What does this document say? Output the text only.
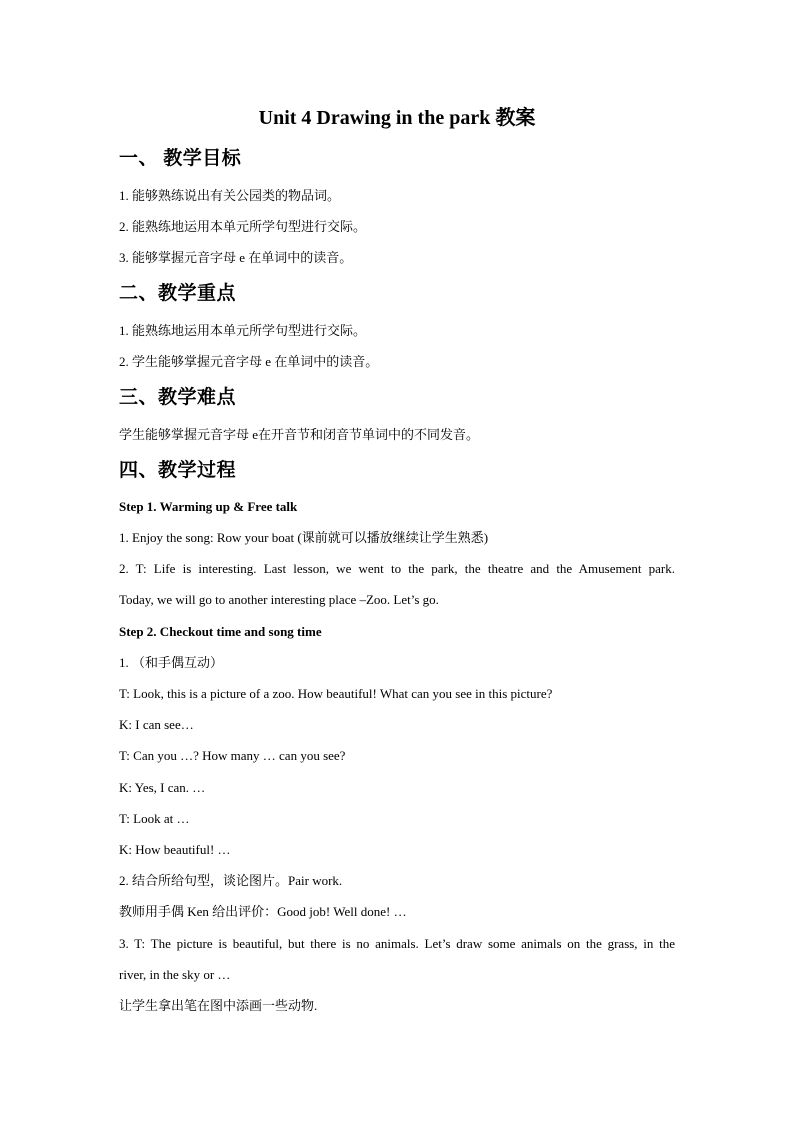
Unit 4 Drawing in the park 教案
一、 教学目标
1. 能够熟练说出有关公园类的物品词。
2. 能熟练地运用本单元所学句型进行交际。
3. 能够掌握元音字母 e 在单词中的读音。
二、教学重点
1. 能熟练地运用本单元所学句型进行交际。
2. 学生能够掌握元音字母 e 在单词中的读音。
三、教学难点
学生能够掌握元音字母 e在开音节和闭音节单词中的不同发音。
四、教学过程
Step 1. Warming up & Free talk
1. Enjoy the song: Row your boat (课前就可以播放继续让学生熟悉)
2. T: Life is interesting. Last lesson, we went to the park, the theatre and the Amusement park.
Today, we will go to another interesting place –Zoo. Let’s go.
Step 2. Checkout time and song time
1. （和手偶互动）
T: Look, this is a picture of a zoo. How beautiful! What can you see in this picture?
K: I can see…
T: Can you …? How many … can you see?
K: Yes, I can. …
T: Look at …
K: How beautiful! …
2. 结合所给句型，谈论图片。Pair work.
教师用手偶 Ken 给出评价：Good job! Well done! …
3. T: The picture is beautiful, but there is no animals. Let’s draw some animals on the grass, in the
river, in the sky or …
让学生拿出笔在图中添画一些动物.
